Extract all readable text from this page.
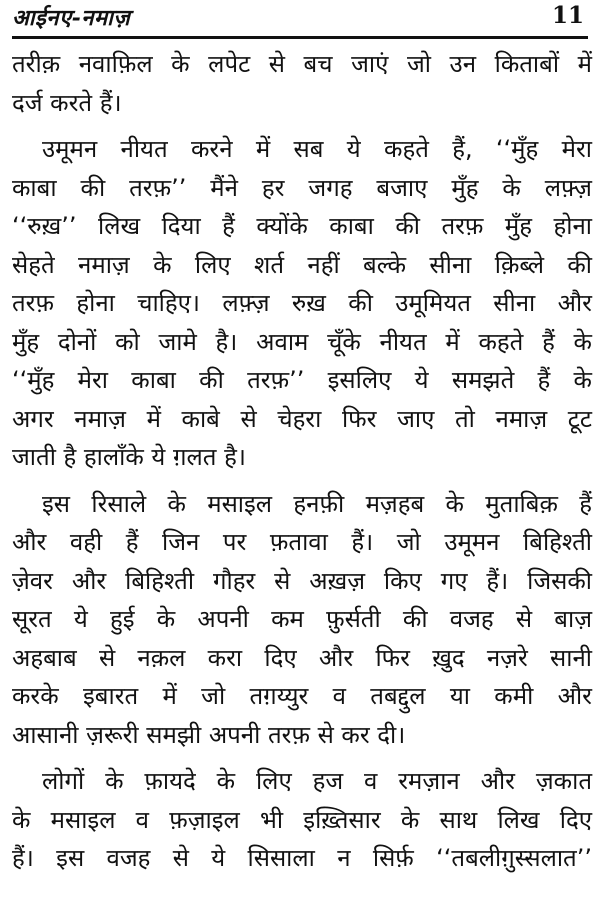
आईनए-नमाज़	11
तरीक़ नवाफ़िल के लपेट से बच जाएं जो उन किताबों में
दर्ज करते हैं।
उमूमन नीयत करने में सब ये कहते हैं, ‘‘मुँह मेरा
काबा की तरफ़’’ मैंने हर जगह बजाए मुँह के लफ़्ज़
‘‘रुख़’’ लिख दिया हैं क्योंके काबा की तरफ़ मुँह होना
सेहते नमाज़ के लिए शर्त नहीं बल्के सीना क़िब्ले की
तरफ़ होना चाहिए। लफ़्ज़ रुख़ की उमूमियत सीना और
मुँह दोनों को जामे है। अवाम चूँके नीयत में कहते हैं के
‘‘मुँह मेरा काबा की तरफ़’’ इसलिए ये समझते हैं के
अगर नमाज़ में काबे से चेहरा फिर जाए तो नमाज़ टूट
जाती है हालाँके ये ग़लत है।
इस रिसाले के मसाइल हनफ़ी मज़हब के मुताबिक़ हैं
और वही हैं जिन पर फ़तावा हैं। जो उमूमन बिहिश्ती
ज़ेवर और बिहिश्ती गौहर से अख़ज़ किए गए हैं। जिसकी
सूरत ये हुई के अपनी कम फ़ुर्सती की वजह से बाज़
अहबाब से नक़ल करा दिए और फिर ख़ुद नज़रे सानी
करके इबारत में जो तग़य्युर व तबद्दुल या कमी और
आसानी ज़रूरी समझी अपनी तरफ़ से कर दी।
लोगों के फ़ायदे के लिए हज व रमज़ान और ज़कात
के मसाइल व फ़ज़ाइल भी इख़्तिसार के साथ लिख दिए
हैं। इस वजह से ये सिसाला न सिर्फ़ ‘‘तबलीग़ुस्सलात’’
